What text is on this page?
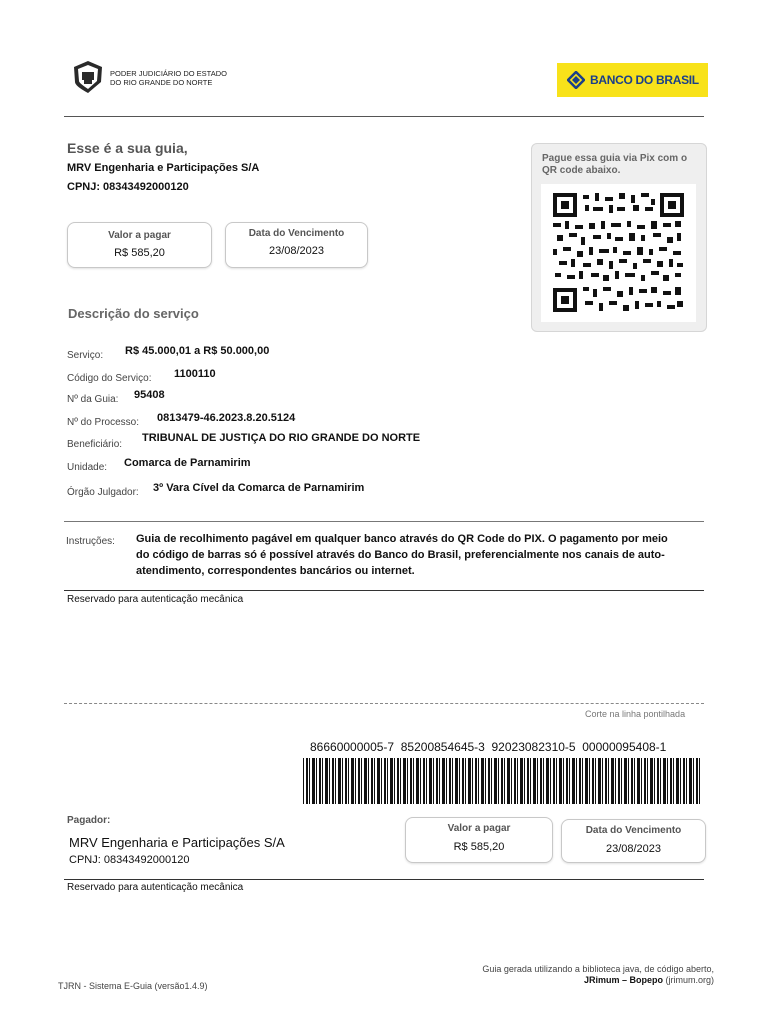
PODER JUDICIÁRIO DO ESTADO
DO RIO GRANDE DO NORTE	BANCO DO BRASIL
Esse é a sua guia,
MRV Engenharia e Participações S/A
CPNJ: 08343492000120
Valor a pagar
R$ 585,20
Data do Vencimento
23/08/2023
Pague essa guia via Pix com o QR code abaixo.
Descrição do serviço
Serviço: R$ 45.000,01 a R$ 50.000,00
Código do Serviço: 1100110
Nº da Guia: 95408
Nº do Processo: 0813479-46.2023.8.20.5124
Beneficiário:
TRIBUNAL DE JUSTIÇA DO RIO GRANDE DO NORTE
Unidade: Comarca de Parnamirim
Órgão Julgador: 3º Vara Cível da Comarca de Parnamirim
Instruções: Guia de recolhimento pagável em qualquer banco através do QR Code do PIX. O pagamento por meio do código de barras só é possível através do Banco do Brasil, preferencialmente nos canais de auto-atendimento, correspondentes bancários ou internet.
Reservado para autenticação mecânica
Corte na linha pontilhada
86660000005-7  85200854645-3  92023082310-5  00000095408-1
Pagador:
MRV Engenharia e Participações S/A
CPNJ: 08343492000120
Valor a pagar
R$ 585,20
Data do Vencimento
23/08/2023
Reservado para autenticação mecânica
Guia gerada utilizando a biblioteca java, de código aberto,
JRimum – Bopepo (jrimum.org)
TJRN - Sistema E-Guia (versão1.4.9)
